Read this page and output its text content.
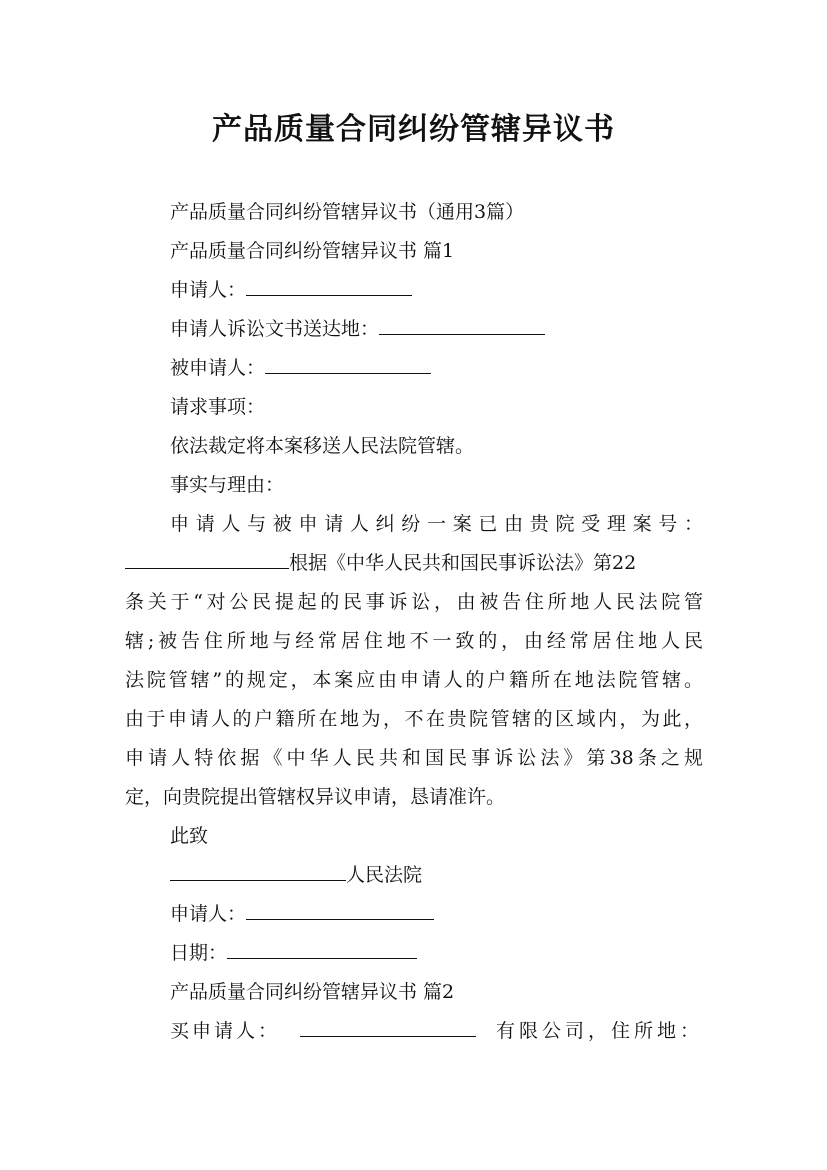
产品质量合同纠纷管辖异议书
产品质量合同纠纷管辖异议书（通用3篇）
产品质量合同纠纷管辖异议书 篇1
申请人：
申请人诉讼文书送达地：
被申请人：
请求事项：
依法裁定将本案移送人民法院管辖。
事实与理由：
申请人与被申请人纠纷一案已由贵院受理案号：
根据《中华人民共和国民事诉讼法》第22
条关于“对公民提起的民事诉讼，由被告住所地人民法院管
辖;被告住所地与经常居住地不一致的，由经常居住地人民
法院管辖”的规定，本案应由申请人的户籍所在地法院管辖。
由于申请人的户籍所在地为，不在贵院管辖的区域内，为此，
申请人特依据《中华人民共和国民事诉讼法》第38条之规
定，向贵院提出管辖权异议申请，恳请准许。
此致
人民法院
申请人：
日期：
产品质量合同纠纷管辖异议书 篇2
买申请人：	有限公司，住所地：
